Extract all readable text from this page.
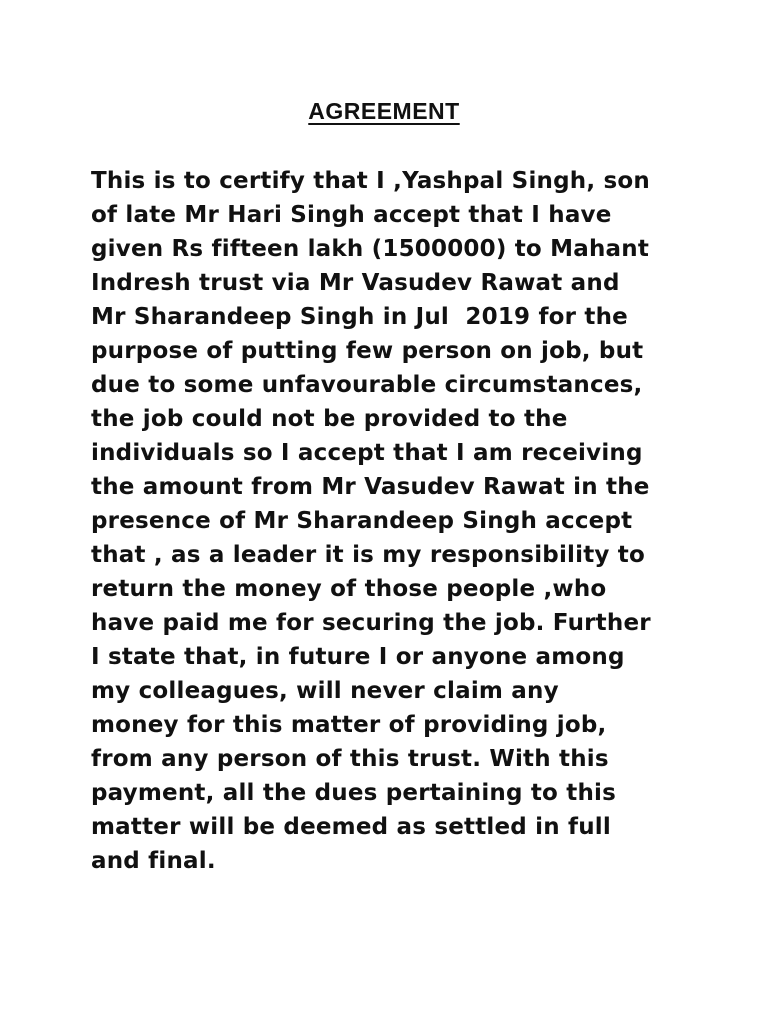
AGREEMENT
This is to certify that I ,Yashpal Singh, son
of late Mr Hari Singh accept that I have
given Rs fifteen lakh (1500000) to Mahant
Indresh trust via Mr Vasudev Rawat and
Mr Sharandeep Singh in Jul  2019 for the
purpose of putting few person on job, but
due to some unfavourable circumstances,
the job could not be provided to the
individuals so I accept that I am receiving
the amount from Mr Vasudev Rawat in the
presence of Mr Sharandeep Singh accept
that , as a leader it is my responsibility to
return the money of those people ,who
have paid me for securing the job. Further
I state that, in future I or anyone among
my colleagues, will never claim any
money for this matter of providing job,
from any person of this trust. With this
payment, all the dues pertaining to this
matter will be deemed as settled in full
and final.
